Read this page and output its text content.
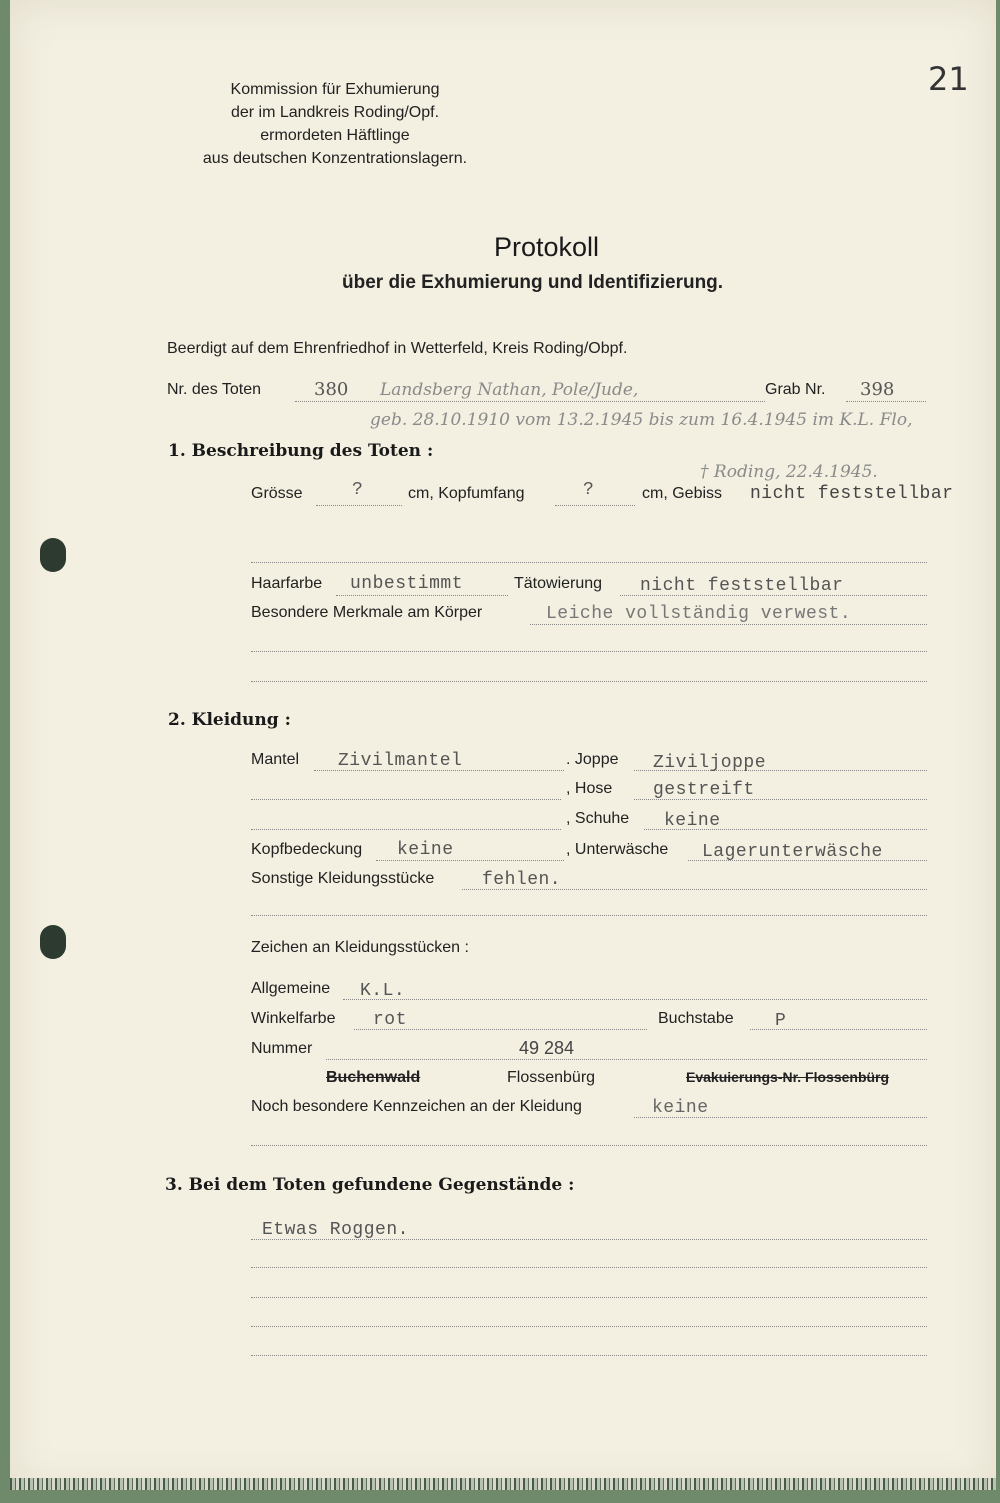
Kommission für Exhumierung
der im Landkreis Roding/Opf.
ermordeten Häftlinge
aus deutschen Konzentrationslagern.
21
Protokoll
über die Exhumierung und Identifizierung.
Beerdigt auf dem Ehrenfriedhof in Wetterfeld, Kreis Roding/Obpf.
Nr. des Toten	380 Landsberg Nathan, Pole/Jude,	Grab Nr. 398
geb. 28.10.1910 vom 13.2.1945 bis zum 16.4.1945 im K.L. Flo,
1. Beschreibung des Toten :
† Roding, 22.4.1945.
Grösse	?	cm, Kopfumfang	?	cm, Gebiss nicht feststellbar
Haarfarbe unbestimmt	Tätowierung nicht feststellbar
Besondere Merkmale am Körper	Leiche vollständig verwest.
2. Kleidung :
Mantel Zivilmantel	. Joppe Ziviljoppe
, Hose gestreift
, Schuhe keine
Kopfbedeckung keine	, Unterwäsche Lagerunterwäsche
Sonstige Kleidungsstücke	fehlen.
Zeichen an Kleidungsstücken :
Allgemeine K.L.
Winkelfarbe rot	Buchstabe P
Nummer	49 284
Buchenwald	Flossenbürg	Evakuierungs-Nr. Flossenbürg
Noch besondere Kennzeichen an der Kleidung	keine
3. Bei dem Toten gefundene Gegenstände :
Etwas Roggen.
